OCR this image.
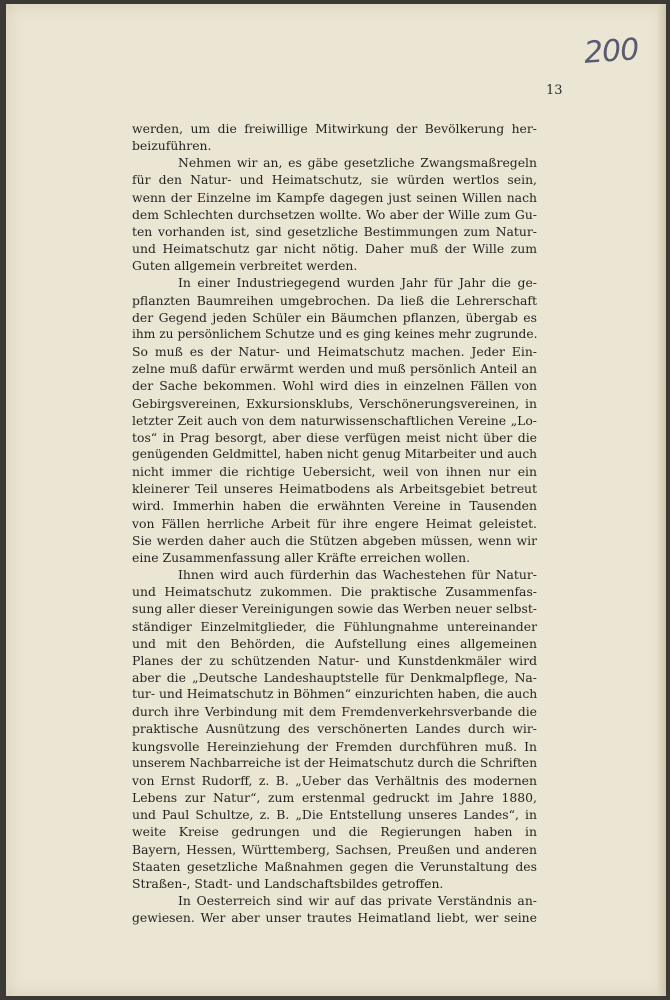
200
13
werden, um die freiwillige Mitwirkung der Bevölkerung her-
beizuführen.
Nehmen wir an, es gäbe gesetzliche Zwangsmaßregeln
für den Natur- und Heimatschutz, sie würden wertlos sein,
wenn der Einzelne im Kampfe dagegen just seinen Willen nach
dem Schlechten durchsetzen wollte. Wo aber der Wille zum Gu-
ten vorhanden ist, sind gesetzliche Bestimmungen zum Natur-
und Heimatschutz gar nicht nötig. Daher muß der Wille zum
Guten allgemein verbreitet werden.
In einer Industriegegend wurden Jahr für Jahr die ge-
pflanzten Baumreihen umgebrochen. Da ließ die Lehrerschaft
der Gegend jeden Schüler ein Bäumchen pflanzen, übergab es
ihm zu persönlichem Schutze und es ging keines mehr zugrunde.
So muß es der Natur- und Heimatschutz machen. Jeder Ein-
zelne muß dafür erwärmt werden und muß persönlich Anteil an
der Sache bekommen. Wohl wird dies in einzelnen Fällen von
Gebirgsvereinen, Exkursionsklubs, Verschönerungsvereinen, in
letzter Zeit auch von dem naturwissenschaftlichen Vereine „Lo-
tos“ in Prag besorgt, aber diese verfügen meist nicht über die
genügenden Geldmittel, haben nicht genug Mitarbeiter und auch
nicht immer die richtige Uebersicht, weil von ihnen nur ein
kleinerer Teil unseres Heimatbodens als Arbeitsgebiet betreut
wird. Immerhin haben die erwähnten Vereine in Tausenden
von Fällen herrliche Arbeit für ihre engere Heimat geleistet.
Sie werden daher auch die Stützen abgeben müssen, wenn wir
eine Zusammenfassung aller Kräfte erreichen wollen.
Ihnen wird auch fürderhin das Wachestehen für Natur-
und Heimatschutz zukommen. Die praktische Zusammenfas-
sung aller dieser Vereinigungen sowie das Werben neuer selbst-
ständiger Einzelmitglieder, die Fühlungnahme untereinander
und mit den Behörden, die Aufstellung eines allgemeinen
Planes der zu schützenden Natur- und Kunstdenkmäler wird
aber die „Deutsche Landeshauptstelle für Denkmalpflege, Na-
tur- und Heimatschutz in Böhmen“ einzurichten haben, die auch
durch ihre Verbindung mit dem Fremdenverkehrsverbande die
praktische Ausnützung des verschönerten Landes durch wir-
kungsvolle Hereinziehung der Fremden durchführen muß. In
unserem Nachbarreiche ist der Heimatschutz durch die Schriften
von Ernst Rudorff, z. B. „Ueber das Verhältnis des modernen
Lebens zur Natur“, zum erstenmal gedruckt im Jahre 1880,
und Paul Schultze, z. B. „Die Entstellung unseres Landes“, in
weite Kreise gedrungen und die Regierungen haben in
Bayern, Hessen, Württemberg, Sachsen, Preußen und anderen
Staaten gesetzliche Maßnahmen gegen die Verunstaltung des
Straßen-, Stadt- und Landschaftsbildes getroffen.
In Oesterreich sind wir auf das private Verständnis an-
gewiesen. Wer aber unser trautes Heimatland liebt, wer seine
